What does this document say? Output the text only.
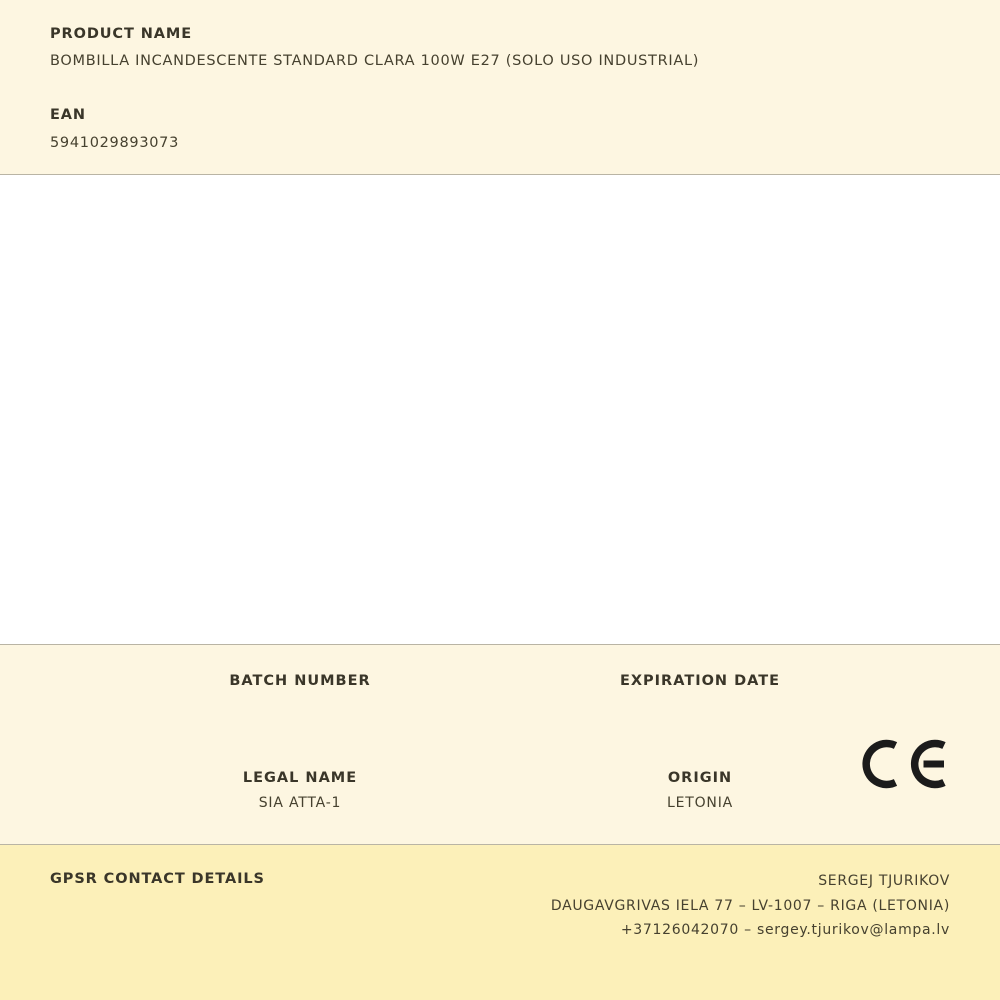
PRODUCT NAME

BOMBILLA INCANDESCENTE STANDARD CLARA 100W E27 (SOLO USO INDUSTRIAL)

EAN

5941029893073

BATCH NUMBER	EXPIRATION DATE

LEGAL NAME

SIA ATTA-1

ORIGIN

LETONIA

GPSR CONTACT DETAILS	SERGEJ TJURIKOV
DAUGAVGRIVAS IELA 77 – LV-1007 – RIGA (LETONIA)
+37126042070 – sergey.tjurikov@lampa.lv
